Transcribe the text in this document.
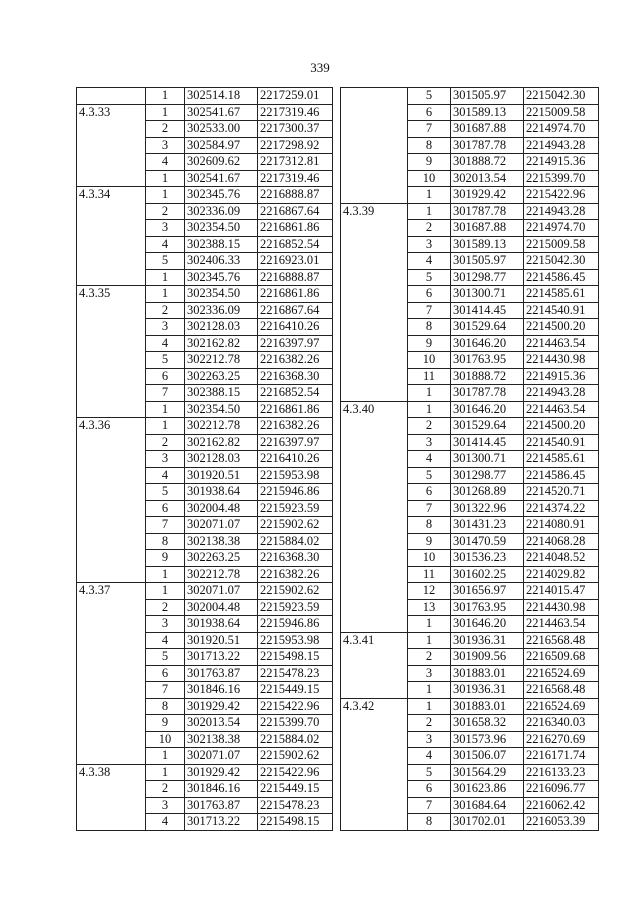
339
	1	302514.18	2217259.01
4.3.33	1	302541.67	2217319.46
	2	302533.00	2217300.37
	3	302584.97	2217298.92
	4	302609.62	2217312.81
	1	302541.67	2217319.46
4.3.34	1	302345.76	2216888.87
	2	302336.09	2216867.64
	3	302354.50	2216861.86
	4	302388.15	2216852.54
	5	302406.33	2216923.01
	1	302345.76	2216888.87
4.3.35	1	302354.50	2216861.86
	2	302336.09	2216867.64
	3	302128.03	2216410.26
	4	302162.82	2216397.97
	5	302212.78	2216382.26
	6	302263.25	2216368.30
	7	302388.15	2216852.54
	1	302354.50	2216861.86
4.3.36	1	302212.78	2216382.26
	2	302162.82	2216397.97
	3	302128.03	2216410.26
	4	301920.51	2215953.98
	5	301938.64	2215946.86
	6	302004.48	2215923.59
	7	302071.07	2215902.62
	8	302138.38	2215884.02
	9	302263.25	2216368.30
	1	302212.78	2216382.26
4.3.37	1	302071.07	2215902.62
	2	302004.48	2215923.59
	3	301938.64	2215946.86
	4	301920.51	2215953.98
	5	301713.22	2215498.15
	6	301763.87	2215478.23
	7	301846.16	2215449.15
	8	301929.42	2215422.96
	9	302013.54	2215399.70
	10	302138.38	2215884.02
	1	302071.07	2215902.62
4.3.38	1	301929.42	2215422.96
	2	301846.16	2215449.15
	3	301763.87	2215478.23
	4	301713.22	2215498.15
	5	301505.97	2215042.30
	6	301589.13	2215009.58
	7	301687.88	2214974.70
	8	301787.78	2214943.28
	9	301888.72	2214915.36
	10	302013.54	2215399.70
	1	301929.42	2215422.96
4.3.39	1	301787.78	2214943.28
	2	301687.88	2214974.70
	3	301589.13	2215009.58
	4	301505.97	2215042.30
	5	301298.77	2214586.45
	6	301300.71	2214585.61
	7	301414.45	2214540.91
	8	301529.64	2214500.20
	9	301646.20	2214463.54
	10	301763.95	2214430.98
	11	301888.72	2214915.36
	1	301787.78	2214943.28
4.3.40	1	301646.20	2214463.54
	2	301529.64	2214500.20
	3	301414.45	2214540.91
	4	301300.71	2214585.61
	5	301298.77	2214586.45
	6	301268.89	2214520.71
	7	301322.96	2214374.22
	8	301431.23	2214080.91
	9	301470.59	2214068.28
	10	301536.23	2214048.52
	11	301602.25	2214029.82
	12	301656.97	2214015.47
	13	301763.95	2214430.98
	1	301646.20	2214463.54
4.3.41	1	301936.31	2216568.48
	2	301909.56	2216509.68
	3	301883.01	2216524.69
	1	301936.31	2216568.48
4.3.42	1	301883.01	2216524.69
	2	301658.32	2216340.03
	3	301573.96	2216270.69
	4	301506.07	2216171.74
	5	301564.29	2216133.23
	6	301623.86	2216096.77
	7	301684.64	2216062.42
	8	301702.01	2216053.39
